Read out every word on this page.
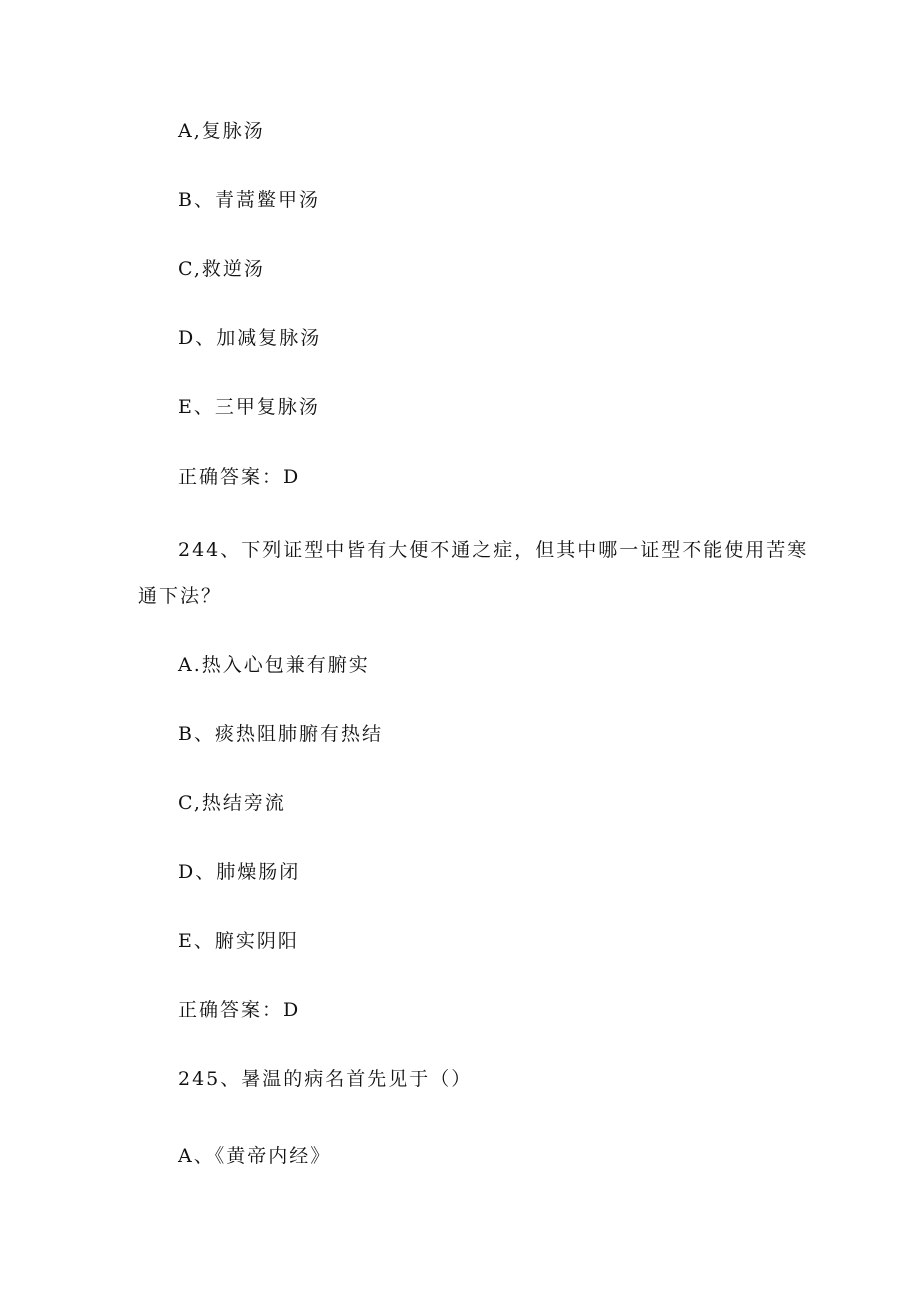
A,复脉汤
B、青蒿鳖甲汤
C,救逆汤
D、加减复脉汤
E、三甲复脉汤
正确答案：D
244、下列证型中皆有大便不通之症，但其中哪一证型不能使用苦寒
通下法？
A.热入心包兼有腑实
B、痰热阻肺腑有热结
C,热结旁流
D、肺燥肠闭
E、腑实阴阳
正确答案：D
245、暑温的病名首先见于（）
A、《黄帝内经》
